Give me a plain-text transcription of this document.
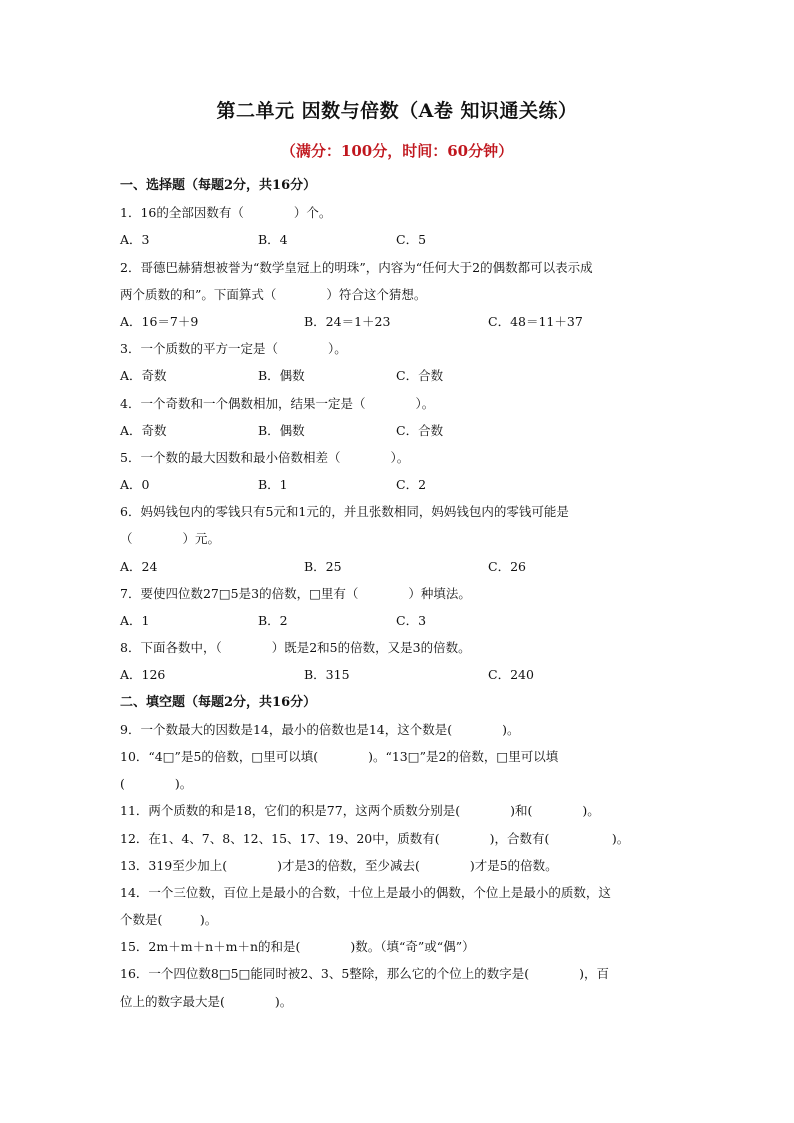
第二单元 因数与倍数（A卷 知识通关练）
（满分：100分，时间：60分钟）
一、选择题（每题2分，共16分）
1．16的全部因数有（　　　　）个。
A．3	B．4	C．5
2．哥德巴赫猜想被誉为“数学皇冠上的明珠”，内容为“任何大于2的偶数都可以表示成
两个质数的和”。下面算式（　　　　）符合这个猜想。
A．16＝7＋9	B．24＝1＋23	C．48＝11＋37
3．一个质数的平方一定是（　　　　）。
A．奇数	B．偶数	C．合数
4．一个奇数和一个偶数相加，结果一定是（　　　　）。
A．奇数	B．偶数	C．合数
5．一个数的最大因数和最小倍数相差（　　　　）。
A．0	B．1	C．2
6．妈妈钱包内的零钱只有5元和1元的，并且张数相同，妈妈钱包内的零钱可能是
（　　　　）元。
A．24	B．25	C．26
7．要使四位数27□5是3的倍数，□里有（　　　　）种填法。
A．1	B．2	C．3
8．下面各数中，（　　　　）既是2和5的倍数，又是3的倍数。
A．126	B．315	C．240
二、填空题（每题2分，共16分）
9．一个数最大的因数是14，最小的倍数也是14，这个数是(　　　　)。
10．“4□”是5的倍数，□里可以填(　　　　)。“13□”是2的倍数，□里可以填
(　　　　)。
11．两个质数的和是18，它们的积是77，这两个质数分别是(　　　　)和(　　　　)。
12．在1、4、7、8、12、15、17、19、20中，质数有(　　　　)，合数有(　　　　　)。
13．319至少加上(　　　　)才是3的倍数，至少减去(　　　　)才是5的倍数。
14．一个三位数，百位上是最小的合数，十位上是最小的偶数，个位上是最小的质数，这
个数是(　　　)。
15．2m＋m＋n＋m＋n的和是(　　　　)数。（填“奇”或“偶”）
16．一个四位数8□5□能同时被2、3、5整除，那么它的个位上的数字是(　　　　)，百
位上的数字最大是(　　　　)。
